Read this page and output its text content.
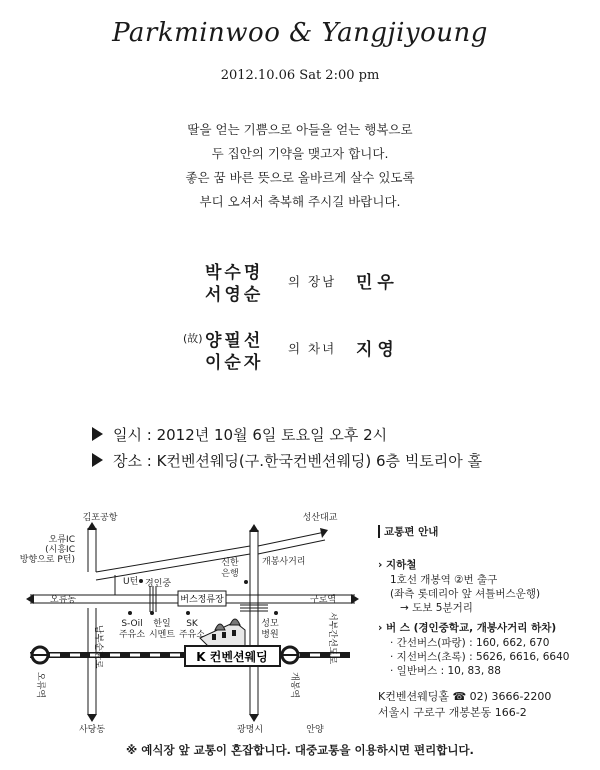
Parkminwoo & Yangjiyoung
2012.10.06 Sat 2:00 pm
딸을 얻는 기쁨으로 아들을 얻는 행복으로
두 집안의 기약을 맺고자 합니다.
좋은 꿈 바른 뜻으로 올바르게 살수 있도록
부디 오셔서 축복해 주시길 바랍니다.
박수명
서영순
의 장남 민우
(故) 양필선
이순자
의 차녀 지영
일시 : 2012년 10월 6일 토요일 오후 2시
장소 : K컨벤션웨딩(구.한국컨벤션웨딩) 6층 빅토리아 홀
버스정류장
K 컨벤션웨딩
김포공항	성산대교
오류IC
(시흥IC
방향으로 P턴)
오류동	구로역
U턴 경인중
신한
은행
개봉사거리
S-Oil
주유소
한일
시멘트
SK
주유소
성모
병원
사당동	광명시	안양
오류역
남부순환로	서부간선도로
개봉역
교통편 안내
› 지하철
1호선 개봉역 ②번 출구
(좌측 롯데리아 앞 셔틀버스운행)
→ 도보 5분거리
› 버 스 (경인중학교, 개봉사거리 하차)
· 간선버스(파랑) : 160, 662, 670
· 지선버스(초록) : 5626, 6616, 6640
· 일반버스 : 10, 83, 88
K컨벤션웨딩홀 ☎ 02) 3666-2200
서울시 구로구 개봉본동 166-2
※ 예식장 앞 교통이 혼잡합니다. 대중교통을 이용하시면 편리합니다.
